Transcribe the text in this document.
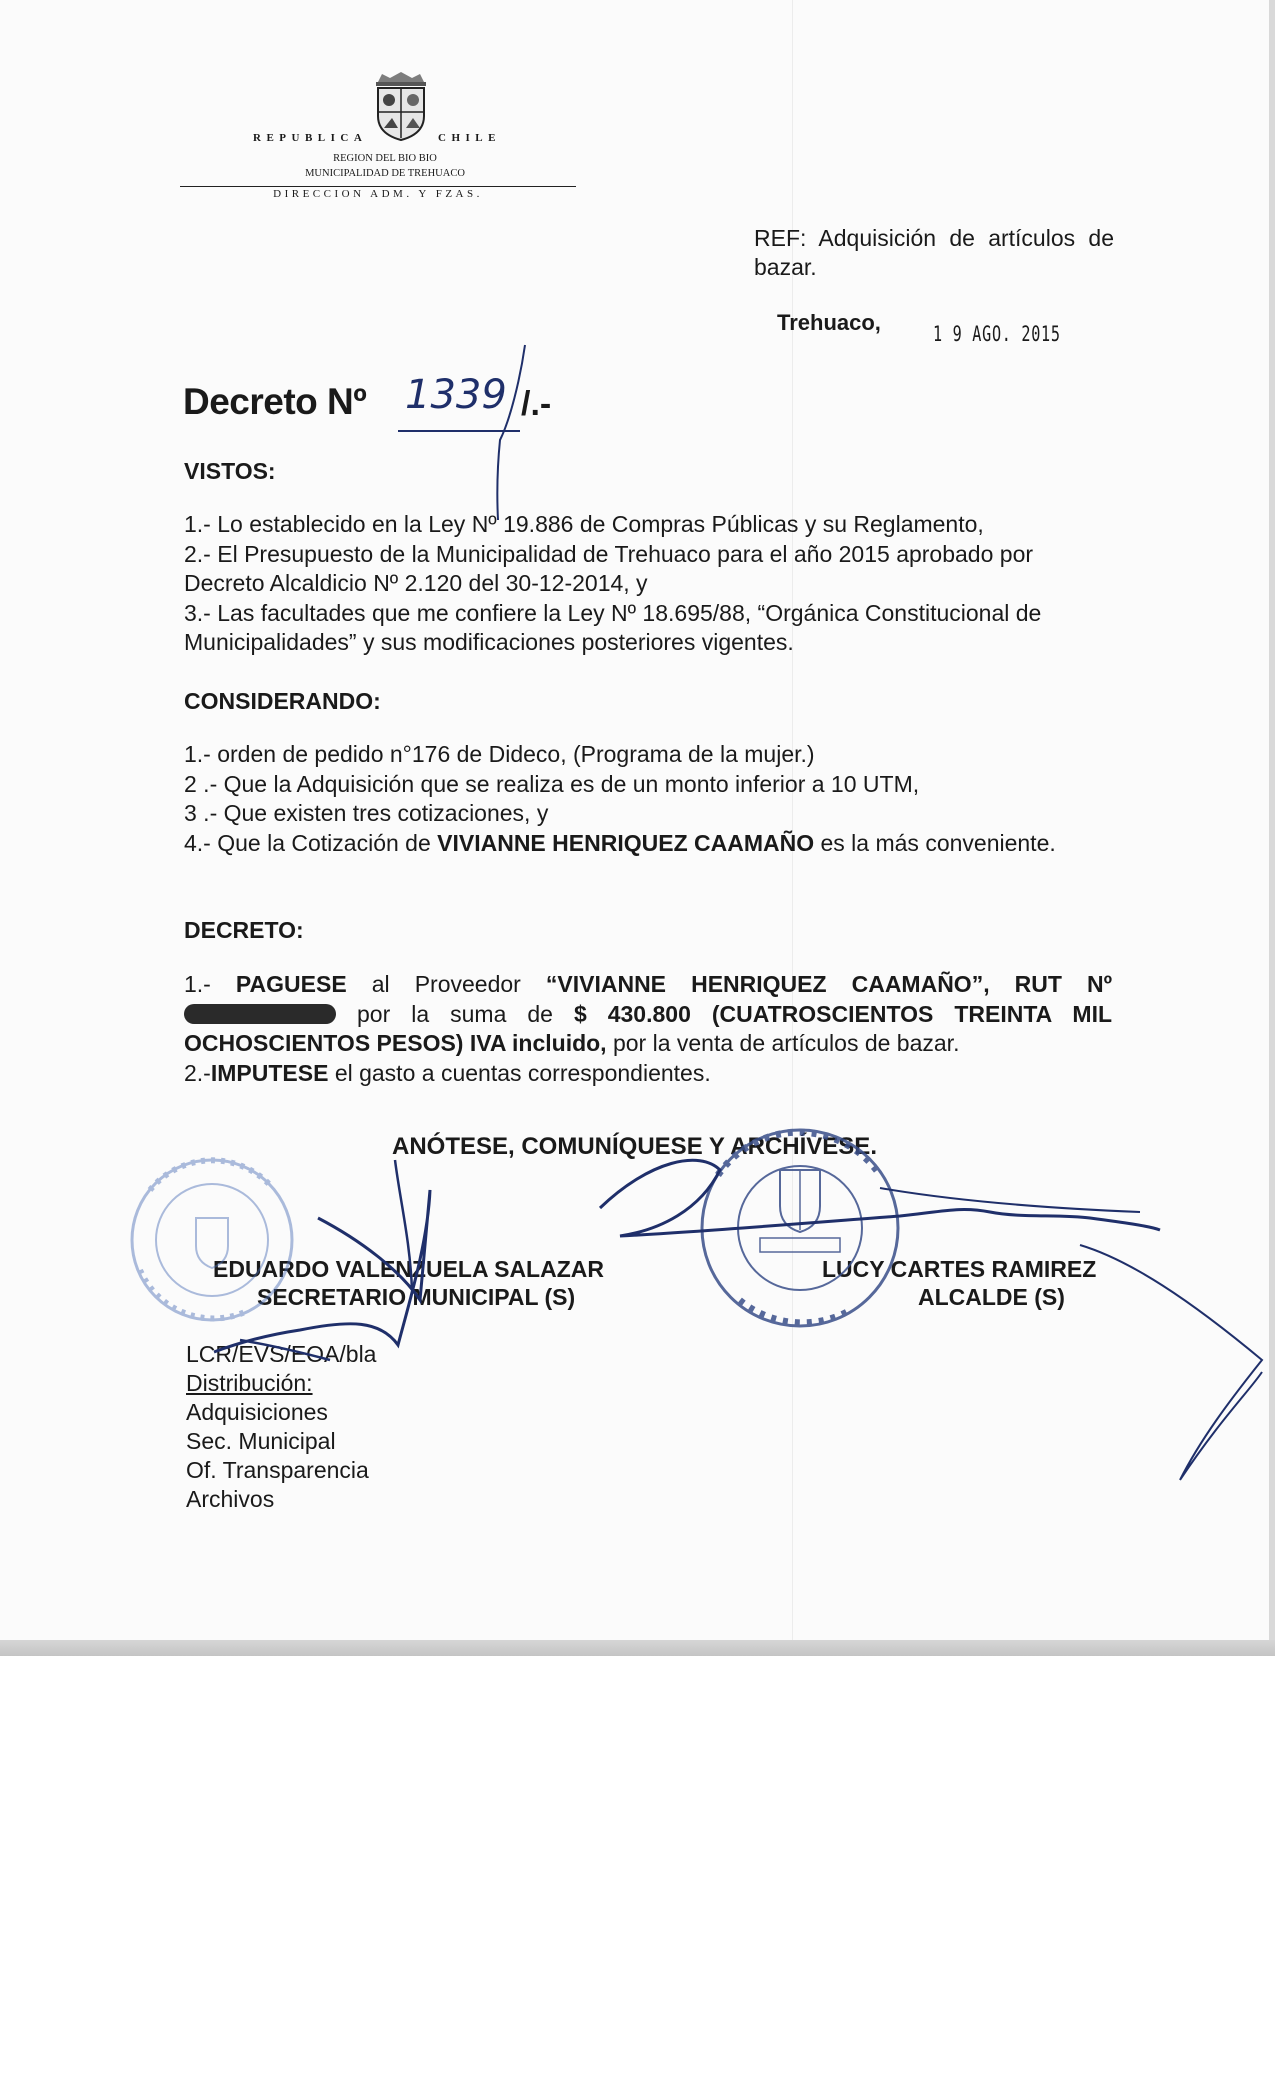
REPUBLICA	CHILE
REGION DEL BIO BIO
MUNICIPALIDAD DE TREHUACO
DIRECCION ADM. Y FZAS.
REF: Adquisición de artículos de bazar.
Trehuaco, 1 9 AGO. 2015
Decreto Nº 1339 /.-
VISTOS:

1.- Lo establecido en la Ley Nº 19.886 de Compras Públicas y su Reglamento,

2.- El Presupuesto de la Municipalidad de Trehuaco para el año 2015 aprobado por Decreto Alcaldicio Nº 2.120 del 30-12-2014, y

3.- Las facultades que me confiere la Ley Nº 18.695/88, “Orgánica Constitucional de Municipalidades” y sus modificaciones posteriores vigentes.

CONSIDERANDO:

1.- orden de pedido n°176 de Dideco, (Programa de la mujer.)

2 .- Que la Adquisición que se realiza es de un monto inferior a 10 UTM,

3 .- Que existen tres cotizaciones, y

4.- Que la Cotización de VIVIANNE HENRIQUEZ CAAMAÑO es la más conveniente.

DECRETO:

1.- PAGUESE al Proveedor “VIVIANNE HENRIQUEZ CAAMAÑO”, RUT Nº  por la suma de $ 430.800 (CUATROSCIENTOS TREINTA MIL OCHOSCIENTOS PESOS) IVA incluido, por la venta de artículos de bazar.

2.-IMPUTESE el gasto a cuentas correspondientes.

ANÓTESE, COMUNÍQUESE Y ARCHÍVESE.
EDUARDO VALENZUELA SALAZAR
SECRETARIO MUNICIPAL (S)
LUCY CARTES RAMIREZ
ALCALDE (S)
LCR/EVS/EOA/bla
Distribución:
Adquisiciones
Sec. Municipal
Of. Transparencia
Archivos
